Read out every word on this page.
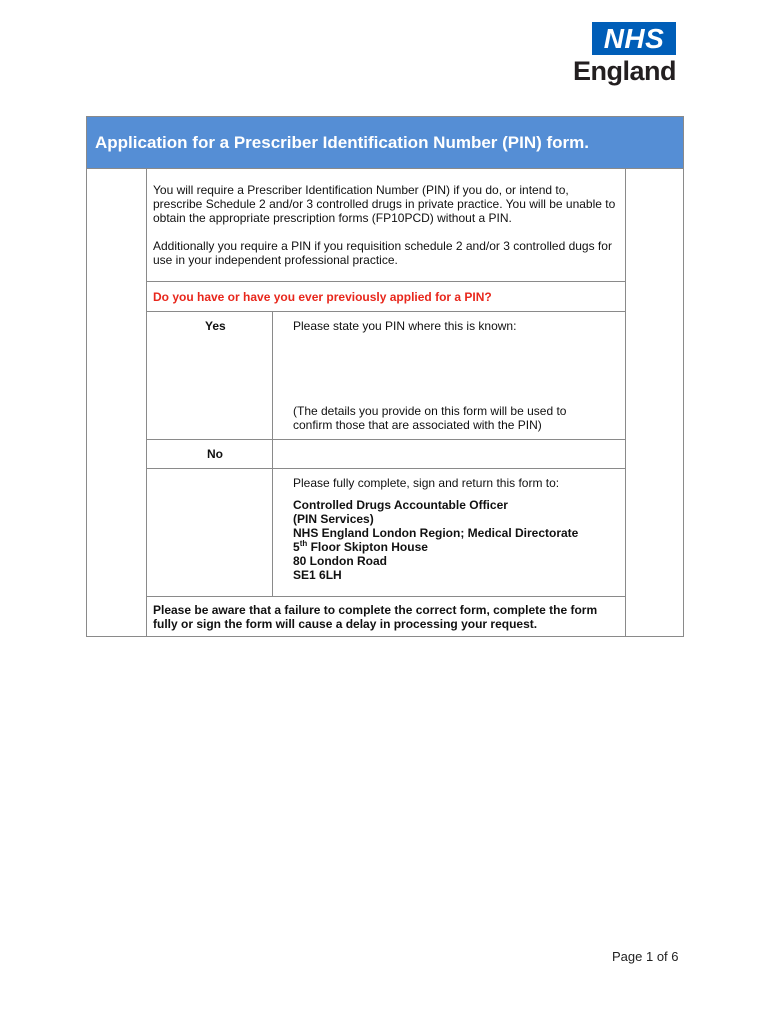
NHS
England
Application for a Prescriber Identification Number (PIN) form.
You will require a Prescriber Identification Number (PIN) if you do, or intend to, prescribe Schedule 2 and/or 3 controlled drugs in private practice. You will be unable to obtain the appropriate prescription forms (FP10PCD) without a PIN.
Additionally you require a PIN if you requisition schedule 2 and/or 3 controlled dugs for use in your independent professional practice.
Do you have or have you ever previously applied for a PIN?
Yes	Please state you PIN where this is known:
(The details you provide on this form will be used to confirm those that are associated with the PIN)
No
Please fully complete, sign and return this form to:
Controlled Drugs Accountable Officer
(PIN Services)
NHS England London Region; Medical Directorate
5th Floor Skipton House
80 London Road
SE1 6LH
Please be aware that a failure to complete the correct form, complete the form fully or sign the form will cause a delay in processing your request.
Page 1 of 6
